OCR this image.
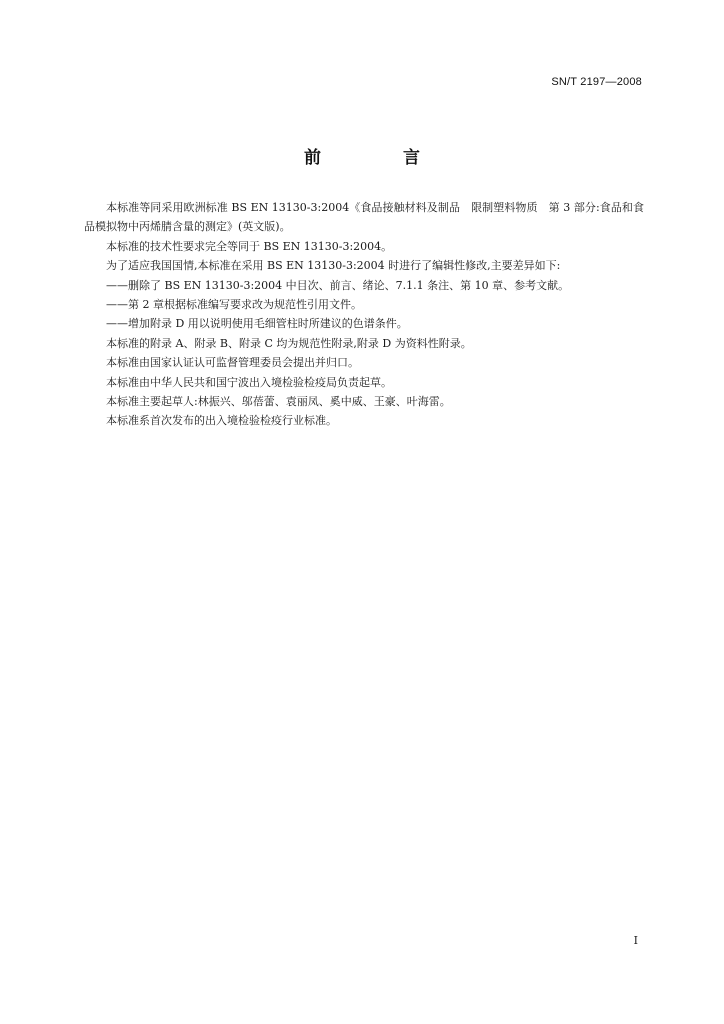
SN/T 2197—2008
前 言

本标准等同采用欧洲标准 BS EN 13130-3:2004《食品接触材料及制品　限制塑料物质　第 3 部分:食品和食品模拟物中丙烯腈含量的测定》(英文版)。

本标准的技术性要求完全等同于 BS EN 13130-3:2004。

为了适应我国国情,本标准在采用 BS EN 13130-3:2004 时进行了编辑性修改,主要差异如下:

——删除了 BS EN 13130-3:2004 中目次、前言、绪论、7.1.1 条注、第 10 章、参考文献。

——第 2 章根据标准编写要求改为规范性引用文件。

——增加附录 D 用以说明使用毛细管柱时所建议的色谱条件。

本标准的附录 A、附录 B、附录 C 均为规范性附录,附录 D 为资料性附录。

本标准由国家认证认可监督管理委员会提出并归口。

本标准由中华人民共和国宁波出入境检验检疫局负责起草。

本标准主要起草人:林振兴、邬蓓蕾、袁丽凤、奚中威、王豪、叶海雷。

本标准系首次发布的出入境检验检疫行业标准。

I
